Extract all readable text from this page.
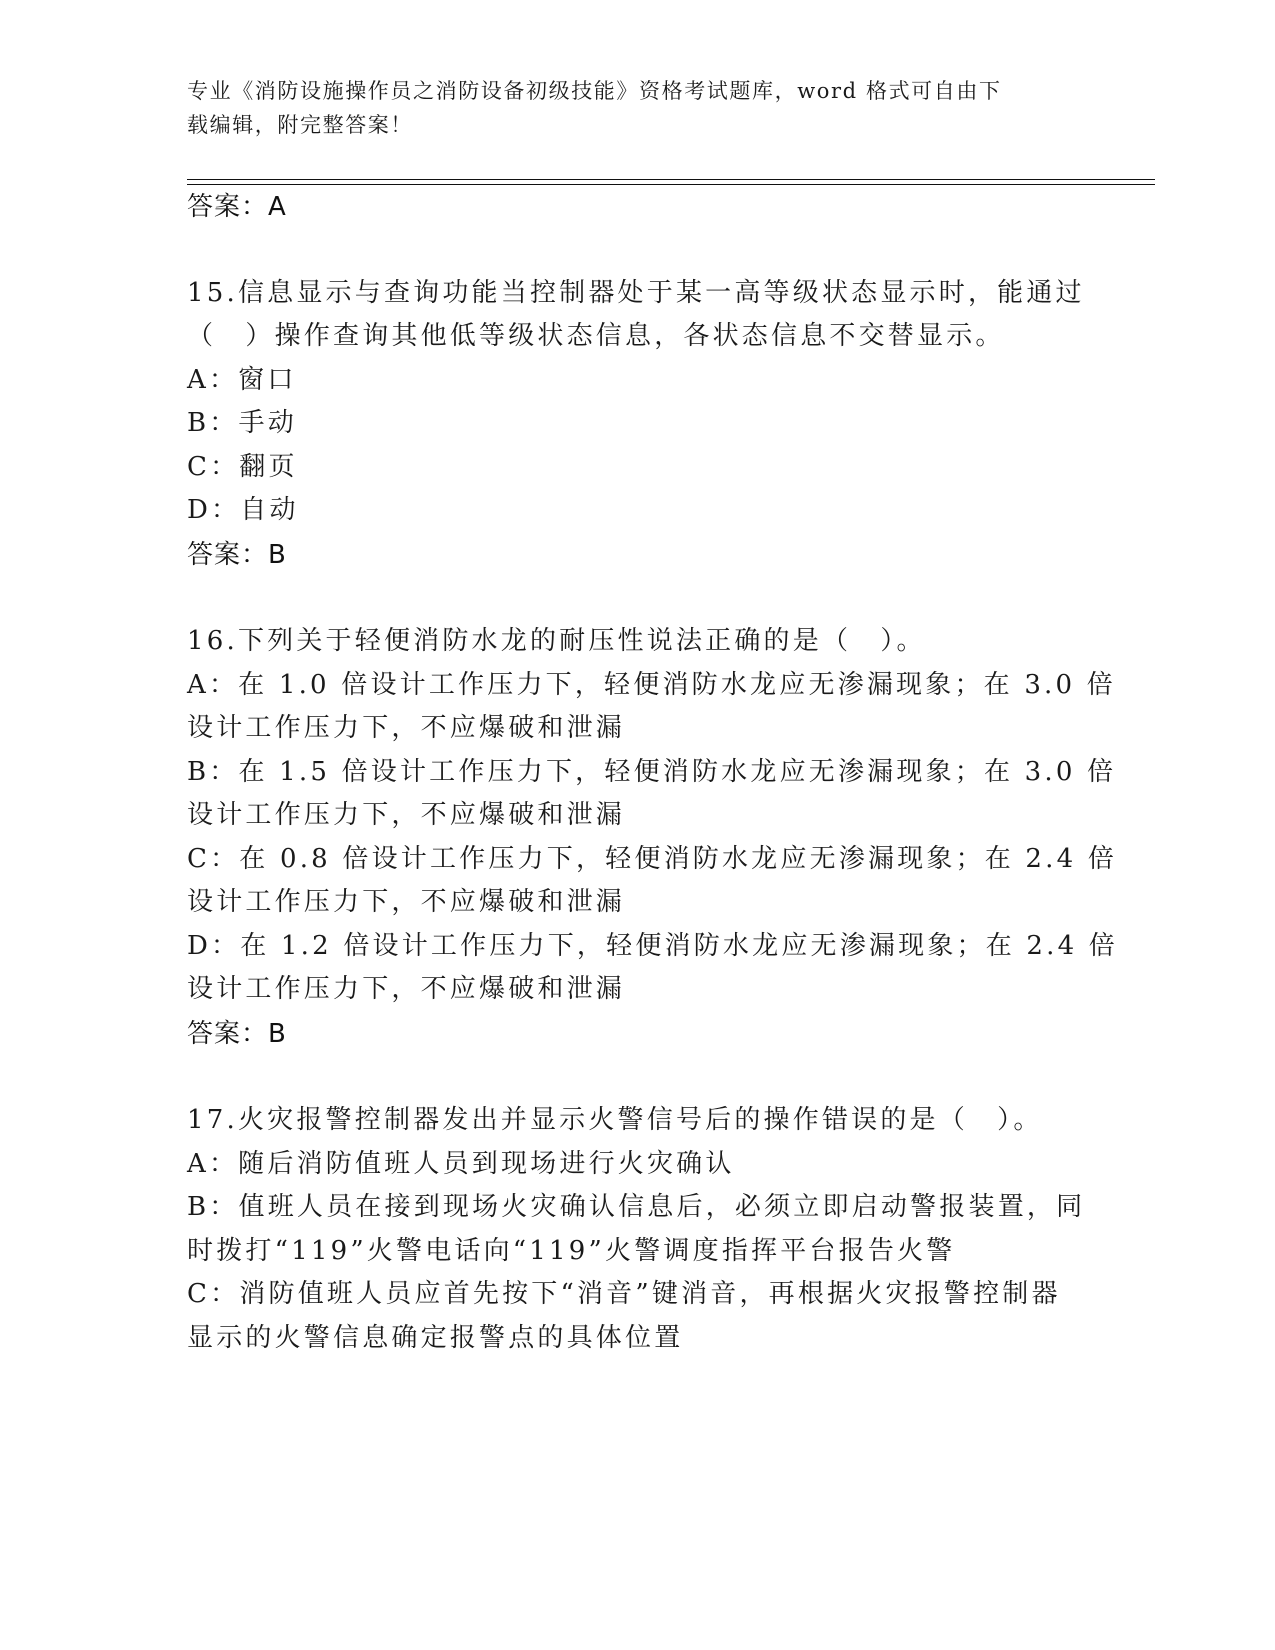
专业《消防设施操作员之消防设备初级技能》资格考试题库，word 格式可自由下
载编辑，附完整答案！
答案：A
15.信息显示与查询功能当控制器处于某一高等级状态显示时，能通过
（　）操作查询其他低等级状态信息，各状态信息不交替显示。
A：窗口
B：手动
C：翻页
D：自动
答案：B
16.下列关于轻便消防水龙的耐压性说法正确的是（　）。
A：在 1.0 倍设计工作压力下，轻便消防水龙应无渗漏现象；在 3.0 倍
设计工作压力下，不应爆破和泄漏
B：在 1.5 倍设计工作压力下，轻便消防水龙应无渗漏现象；在 3.0 倍
设计工作压力下，不应爆破和泄漏
C：在 0.8 倍设计工作压力下，轻便消防水龙应无渗漏现象；在 2.4 倍
设计工作压力下，不应爆破和泄漏
D：在 1.2 倍设计工作压力下，轻便消防水龙应无渗漏现象；在 2.4 倍
设计工作压力下，不应爆破和泄漏
答案：B
17.火灾报警控制器发出并显示火警信号后的操作错误的是（　）。
A：随后消防值班人员到现场进行火灾确认
B：值班人员在接到现场火灾确认信息后，必须立即启动警报装置，同
时拨打“119”火警电话向“119”火警调度指挥平台报告火警
C：消防值班人员应首先按下“消音”键消音，再根据火灾报警控制器
显示的火警信息确定报警点的具体位置
